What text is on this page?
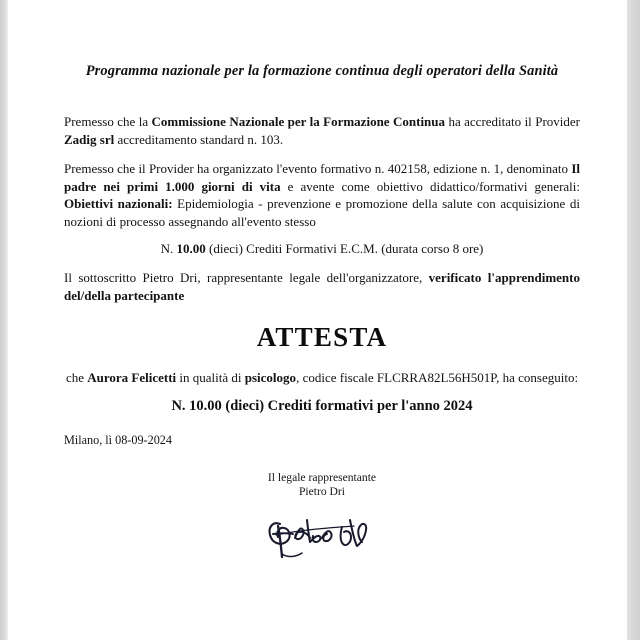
Programma nazionale per la formazione continua degli operatori della Sanità
Premesso che la Commissione Nazionale per la Formazione Continua ha accreditato il Provider Zadig srl accreditamento standard n. 103.
Premesso che il Provider ha organizzato l'evento formativo n. 402158, edizione n. 1, denominato Il padre nei primi 1.000 giorni di vita e avente come obiettivo didattico/formativi generali: Obiettivi nazionali: Epidemiologia - prevenzione e promozione della salute con acquisizione di nozioni di processo assegnando all'evento stesso
N. 10.00 (dieci) Crediti Formativi E.C.M. (durata corso 8 ore)
Il sottoscritto Pietro Dri, rappresentante legale dell'organizzatore, verificato l'apprendimento del/della partecipante
ATTESTA
che Aurora Felicetti in qualità di psicologo, codice fiscale FLCRRA82L56H501P, ha conseguito:
N. 10.00 (dieci) Crediti formativi per l'anno 2024
Milano, lì 08-09-2024
Il legale rappresentante
Pietro Dri
